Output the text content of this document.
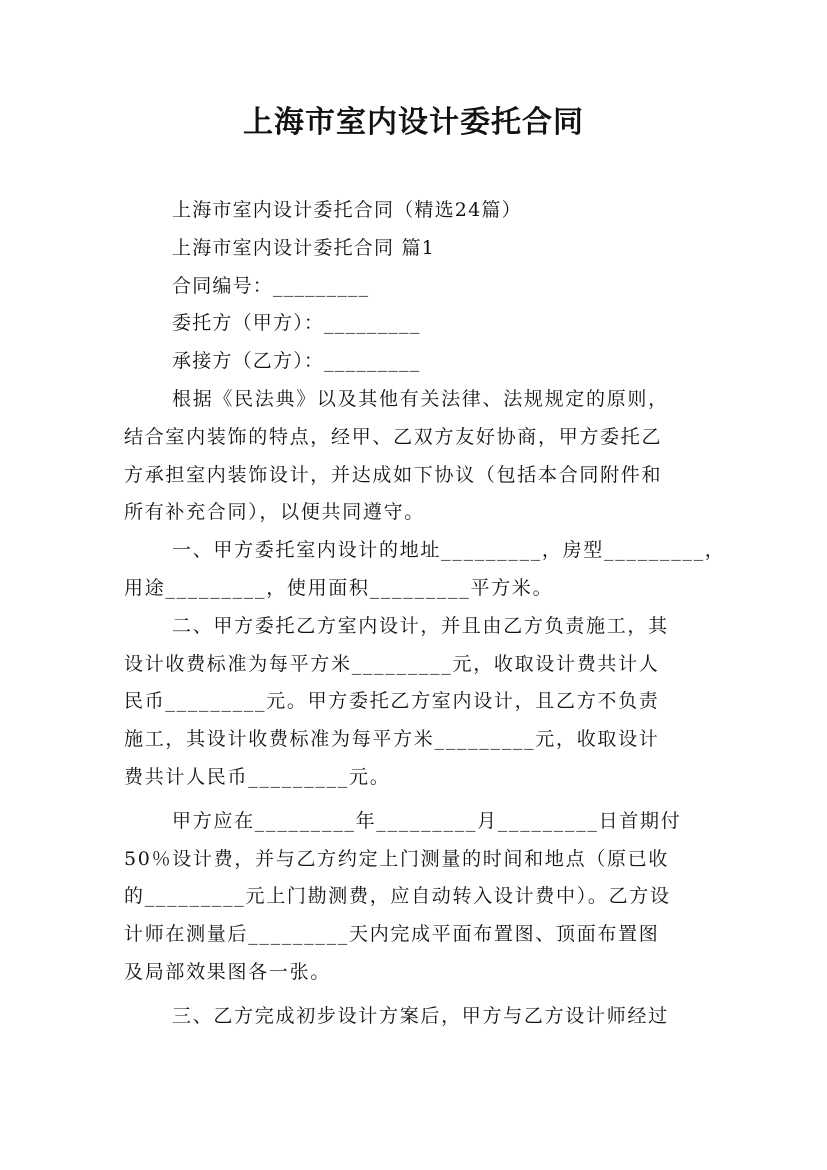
上海市室内设计委托合同
上海市室内设计委托合同（精选24篇）
上海市室内设计委托合同 篇1
合同编号：_________
委托方（甲方）：_________
承接方（乙方）：_________
根据《民法典》以及其他有关法律、法规规定的原则，
结合室内装饰的特点，经甲、乙双方友好协商，甲方委托乙
方承担室内装饰设计，并达成如下协议（包括本合同附件和
所有补充合同），以便共同遵守。
一、甲方委托室内设计的地址_________，房型_________，
用途_________，使用面积_________平方米。
二、甲方委托乙方室内设计，并且由乙方负责施工，其
设计收费标准为每平方米_________元，收取设计费共计人
民币_________元。甲方委托乙方室内设计，且乙方不负责
施工，其设计收费标准为每平方米_________元，收取设计
费共计人民币_________元。
甲方应在_________年_________月_________日首期付
50％设计费，并与乙方约定上门测量的时间和地点（原已收
的_________元上门勘测费，应自动转入设计费中）。乙方设
计师在测量后_________天内完成平面布置图、顶面布置图
及局部效果图各一张。
三、乙方完成初步设计方案后，甲方与乙方设计师经过
